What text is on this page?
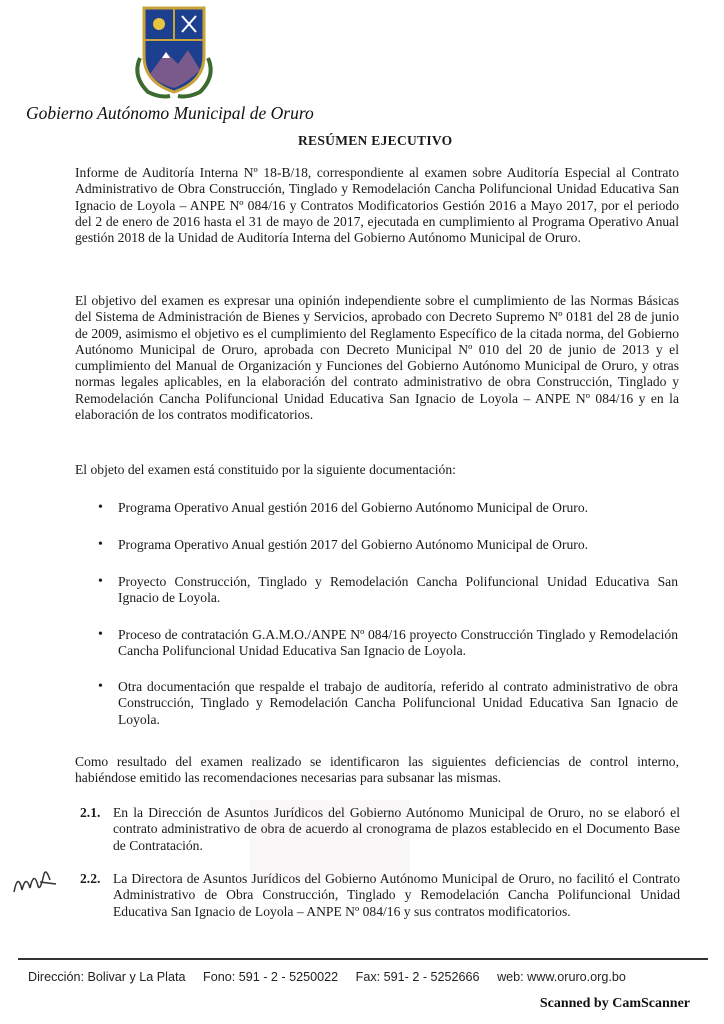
Gobierno Autónomo Municipal de Oruro
RESÚMEN EJECUTIVO

Informe de Auditoría Interna Nº 18-B/18, correspondiente al examen sobre Auditoría Especial al Contrato Administrativo de Obra Construcción, Tinglado y Remodelación Cancha Polifuncional Unidad Educativa San Ignacio de Loyola – ANPE Nº 084/16 y Contratos Modificatorios Gestión 2016 a Mayo 2017, por el periodo del 2 de enero de 2016 hasta el 31 de mayo de 2017, ejecutada en cumplimiento al Programa Operativo Anual gestión 2018 de la Unidad de Auditoría Interna del Gobierno Autónomo Municipal de Oruro.

El objetivo del examen es expresar una opinión independiente sobre el cumplimiento de las Normas Básicas del Sistema de Administración de Bienes y Servicios, aprobado con Decreto Supremo Nº 0181 del 28 de junio de 2009, asimismo el objetivo es el cumplimiento del Reglamento Específico de la citada norma, del Gobierno Autónomo Municipal de Oruro, aprobada con Decreto Municipal Nº 010 del 20 de junio de 2013 y el cumplimiento del Manual de Organización y Funciones del Gobierno Autónomo Municipal de Oruro, y otras normas legales aplicables, en la elaboración del contrato administrativo de obra Construcción, Tinglado y Remodelación Cancha Polifuncional Unidad Educativa San Ignacio de Loyola – ANPE Nº 084/16 y en la elaboración de los contratos modificatorios.

El objeto del examen está constituido por la siguiente documentación:

• Programa Operativo Anual gestión 2016 del Gobierno Autónomo Municipal de Oruro.
• Programa Operativo Anual gestión 2017 del Gobierno Autónomo Municipal de Oruro.
• Proyecto Construcción, Tinglado y Remodelación Cancha Polifuncional Unidad Educativa San Ignacio de Loyola.
• Proceso de contratación G.A.M.O./ANPE Nº 084/16 proyecto Construcción Tinglado y Remodelación Cancha Polifuncional Unidad Educativa San Ignacio de Loyola.
• Otra documentación que respalde el trabajo de auditoría, referido al contrato administrativo de obra Construcción, Tinglado y Remodelación Cancha Polifuncional Unidad Educativa San Ignacio de Loyola.

Como resultado del examen realizado se identificaron las siguientes deficiencias de control interno, habiéndose emitido las recomendaciones necesarias para subsanar las mismas.

2.1. En la Dirección de Asuntos Jurídicos del Gobierno Autónomo Municipal de Oruro, no se elaboró el contrato administrativo de obra de acuerdo al cronograma de plazos establecido en el Documento Base de Contratación.
2.2. La Directora de Asuntos Jurídicos del Gobierno Autónomo Municipal de Oruro, no facilitó el Contrato Administrativo de Obra Construcción, Tinglado y Remodelación Cancha Polifuncional Unidad Educativa San Ignacio de Loyola – ANPE Nº 084/16 y sus contratos modificatorios.
Dirección: Bolivar y La Plata Fono: 591 - 2 - 5250022 Fax: 591- 2 - 5252666 web: www.oruro.org.bo
Scanned by CamScanner
